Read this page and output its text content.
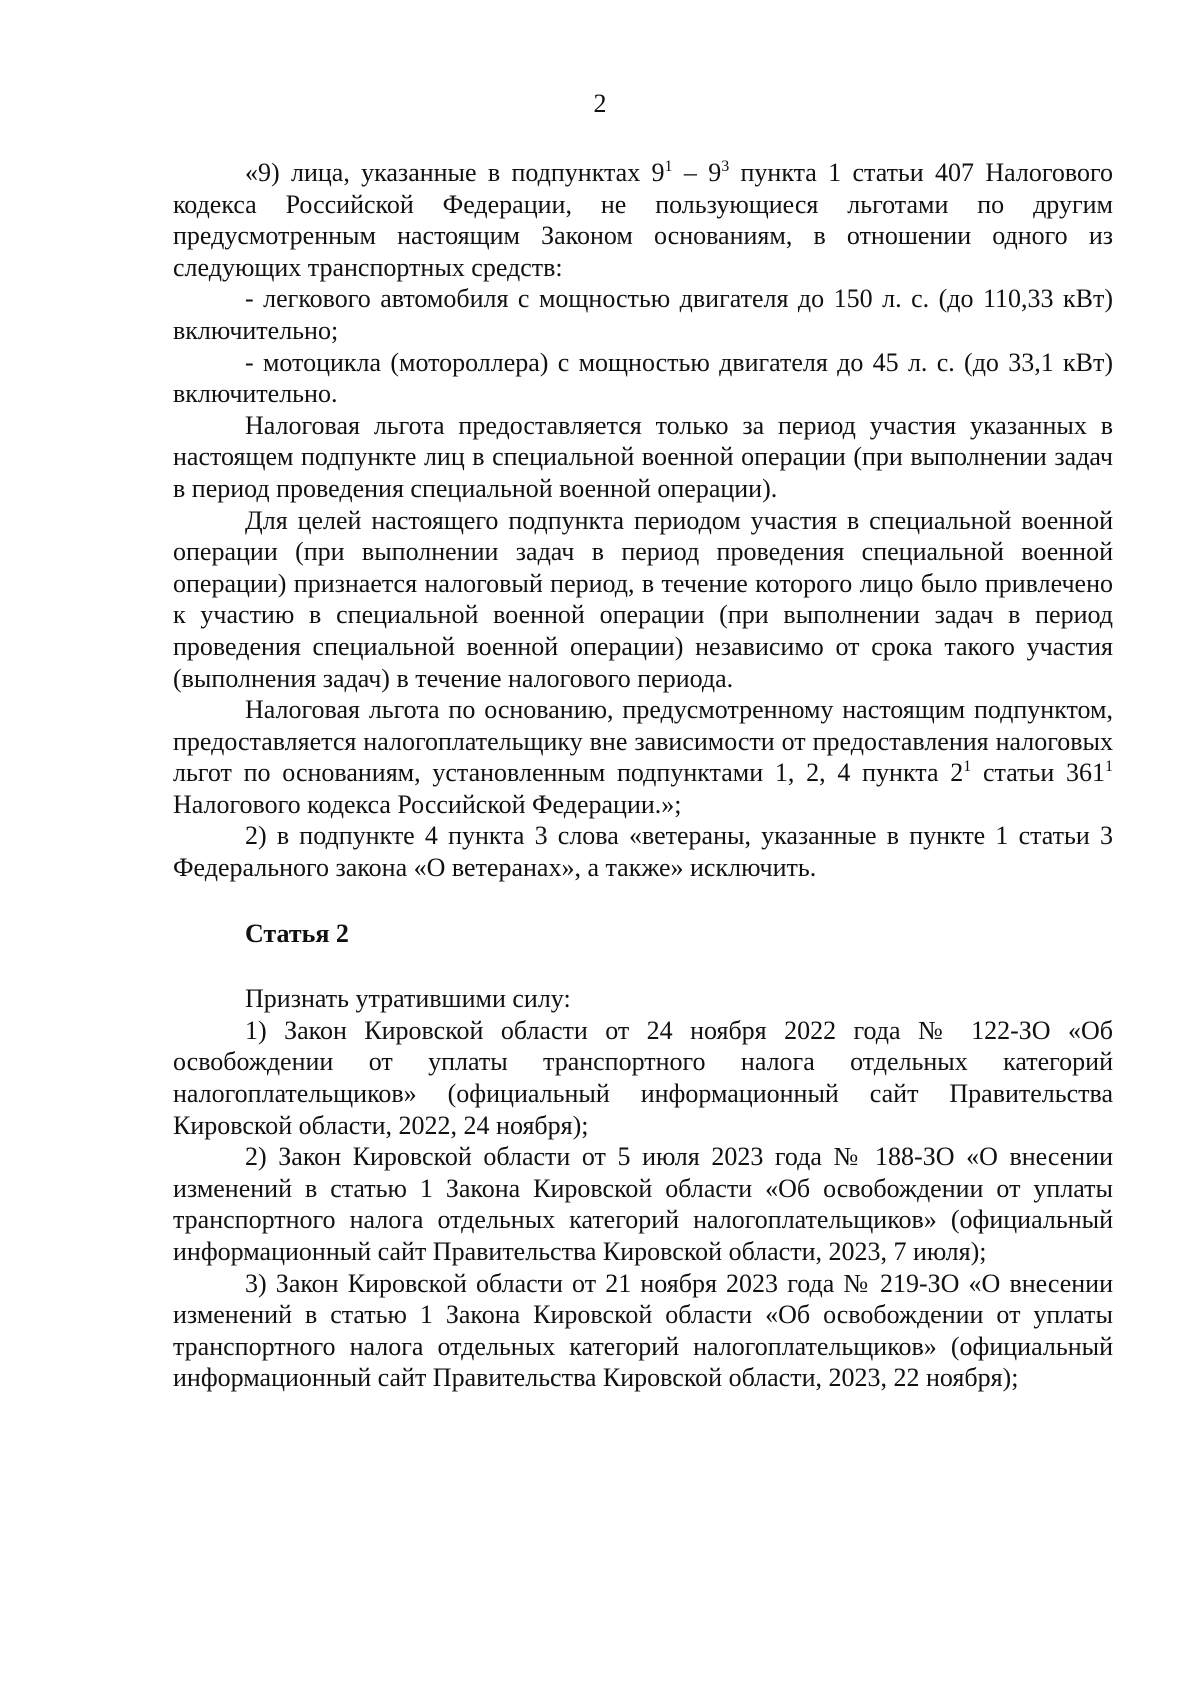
2

«9) лица, указанные в подпунктах $9^1 - 9^3$ пункта 1 статьи 407 Налогового кодекса Российской Федерации, не пользующиеся льготами по другим предусмотренным настоящим Законом основаниям, в отношении одного из следующих транспортных средств:

- легкового автомобиля с мощностью двигателя до 150 л. с. (до 110,33 кВт) включительно;

- мотоцикла (мотороллера) с мощностью двигателя до 45 л. с. (до 33,1 кВт) включительно.

Налоговая льгота предоставляется только за период участия указанных в настоящем подпункте лиц в специальной военной операции (при выполнении задач в период проведения специальной военной операции).

Для целей настоящего подпункта периодом участия в специальной военной операции (при выполнении задач в период проведения специальной военной операции) признается налоговый период, в течение которого лицо было привлечено к участию в специальной военной операции (при выполнении задач в период проведения специальной военной операции) независимо от срока такого участия (выполнения задач) в течение налогового периода.

Налоговая льгота по основанию, предусмотренному настоящим подпунктом, предоставляется налогоплательщику вне зависимости от предоставления налоговых льгот по основаниям, установленным подпунктами 1, 2, 4 пункта $2^1$ статьи $361^1$ Налогового кодекса Российской Федерации.»;

2) в подпункте 4 пункта 3 слова «ветераны, указанные в пункте 1 статьи 3 Федерального закона «О ветеранах», а также» исключить.

Статья 2

Признать утратившими силу:

1) Закон Кировской области от 24 ноября 2022 года № 122-ЗО «Об освобождении от уплаты транспортного налога отдельных категорий налогоплательщиков» (официальный информационный сайт Правительства Кировской области, 2022, 24 ноября);

2) Закон Кировской области от 5 июля 2023 года № 188-ЗО «О внесении изменений в статью 1 Закона Кировской области «Об освобождении от уплаты транспортного налога отдельных категорий налогоплательщиков» (официальный информационный сайт Правительства Кировской области, 2023, 7 июля);

3) Закон Кировской области от 21 ноября 2023 года № 219-ЗО «О внесении изменений в статью 1 Закона Кировской области «Об освобождении от уплаты транспортного налога отдельных категорий налогоплательщиков» (официальный информационный сайт Правительства Кировской области, 2023, 22 ноября);
